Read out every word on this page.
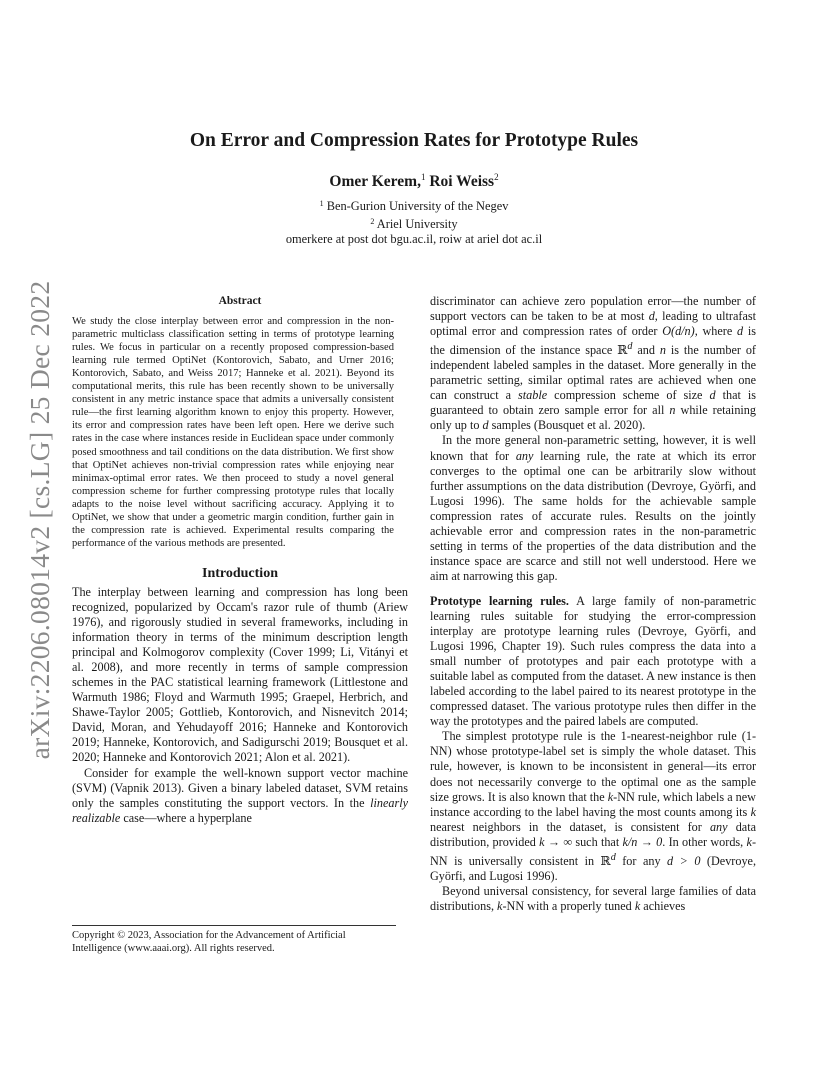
arXiv:2206.08014v2 [cs.LG] 25 Dec 2022
On Error and Compression Rates for Prototype Rules
Omer Kerem,$^1$ Roi Weiss$^2$
$^1$ Ben-Gurion University of the Negev
$^2$ Ariel University
omerkere at post dot bgu.ac.il, roiw at ariel dot ac.il
Abstract

We study the close interplay between error and compression in the non-parametric multiclass classification setting in terms of prototype learning rules. We focus in particular on a recently proposed compression-based learning rule termed OptiNet (Kontorovich, Sabato, and Urner 2016; Kontorovich, Sabato, and Weiss 2017; Hanneke et al. 2021). Beyond its computational merits, this rule has been recently shown to be universally consistent in any metric instance space that admits a universally consistent rule—the first learning algorithm known to enjoy this property. However, its error and compression rates have been left open. Here we derive such rates in the case where instances reside in Euclidean space under commonly posed smoothness and tail conditions on the data distribution. We first show that OptiNet achieves non-trivial compression rates while enjoying near minimax-optimal error rates. We then proceed to study a novel general compression scheme for further compressing prototype rules that locally adapts to the noise level without sacrificing accuracy. Applying it to OptiNet, we show that under a geometric margin condition, further gain in the compression rate is achieved. Experimental results comparing the performance of the various methods are presented.

Introduction

The interplay between learning and compression has long been recognized, popularized by Occam's razor rule of thumb (Ariew 1976), and rigorously studied in several frameworks, including in information theory in terms of the minimum description length principal and Kolmogorov complexity (Cover 1999; Li, Vitányi et al. 2008), and more recently in terms of sample compression schemes in the PAC statistical learning framework (Littlestone and Warmuth 1986; Floyd and Warmuth 1995; Graepel, Herbrich, and Shawe-Taylor 2005; Gottlieb, Kontorovich, and Nisnevitch 2014; David, Moran, and Yehudayoff 2016; Hanneke and Kontorovich 2019; Hanneke, Kontorovich, and Sadigurschi 2019; Bousquet et al. 2020; Hanneke and Kontorovich 2021; Alon et al. 2021).

Consider for example the well-known support vector machine (SVM) (Vapnik 2013). Given a binary labeled dataset, SVM retains only the samples constituting the support vectors. In the linearly realizable case—where a hyperplane

discriminator can achieve zero population error—the number of support vectors can be taken to be at most d, leading to ultrafast optimal error and compression rates of order O(d/n), where d is the dimension of the instance space ℝ$^d$ and n is the number of independent labeled samples in the dataset. More generally in the parametric setting, similar optimal rates are achieved when one can construct a stable compression scheme of size d that is guaranteed to obtain zero sample error for all n while retaining only up to d samples (Bousquet et al. 2020).

In the more general non-parametric setting, however, it is well known that for any learning rule, the rate at which its error converges to the optimal one can be arbitrarily slow without further assumptions on the data distribution (Devroye, Györfi, and Lugosi 1996). The same holds for the achievable sample compression rates of accurate rules. Results on the jointly achievable error and compression rates in the non-parametric setting in terms of the properties of the data distribution and the instance space are scarce and still not well understood. Here we aim at narrowing this gap.

Prototype learning rules. A large family of non-parametric learning rules suitable for studying the error-compression interplay are prototype learning rules (Devroye, Györfi, and Lugosi 1996, Chapter 19). Such rules compress the data into a small number of prototypes and pair each prototype with a suitable label as computed from the dataset. A new instance is then labeled according to the label paired to its nearest prototype in the compressed dataset. The various prototype rules then differ in the way the prototypes and the paired labels are computed.

The simplest prototype rule is the 1-nearest-neighbor rule (1-NN) whose prototype-label set is simply the whole dataset. This rule, however, is known to be inconsistent in general—its error does not necessarily converge to the optimal one as the sample size grows. It is also known that the k-NN rule, which labels a new instance according to the label having the most counts among its k nearest neighbors in the dataset, is consistent for any data distribution, provided k → ∞ such that k/n → 0. In other words, k-NN is universally consistent in ℝ$^d$ for any d > 0 (Devroye, Györfi, and Lugosi 1996).

Beyond universal consistency, for several large families of data distributions, k-NN with a properly tuned k achieves

Copyright © 2023, Association for the Advancement of Artificial Intelligence (www.aaai.org). All rights reserved.
